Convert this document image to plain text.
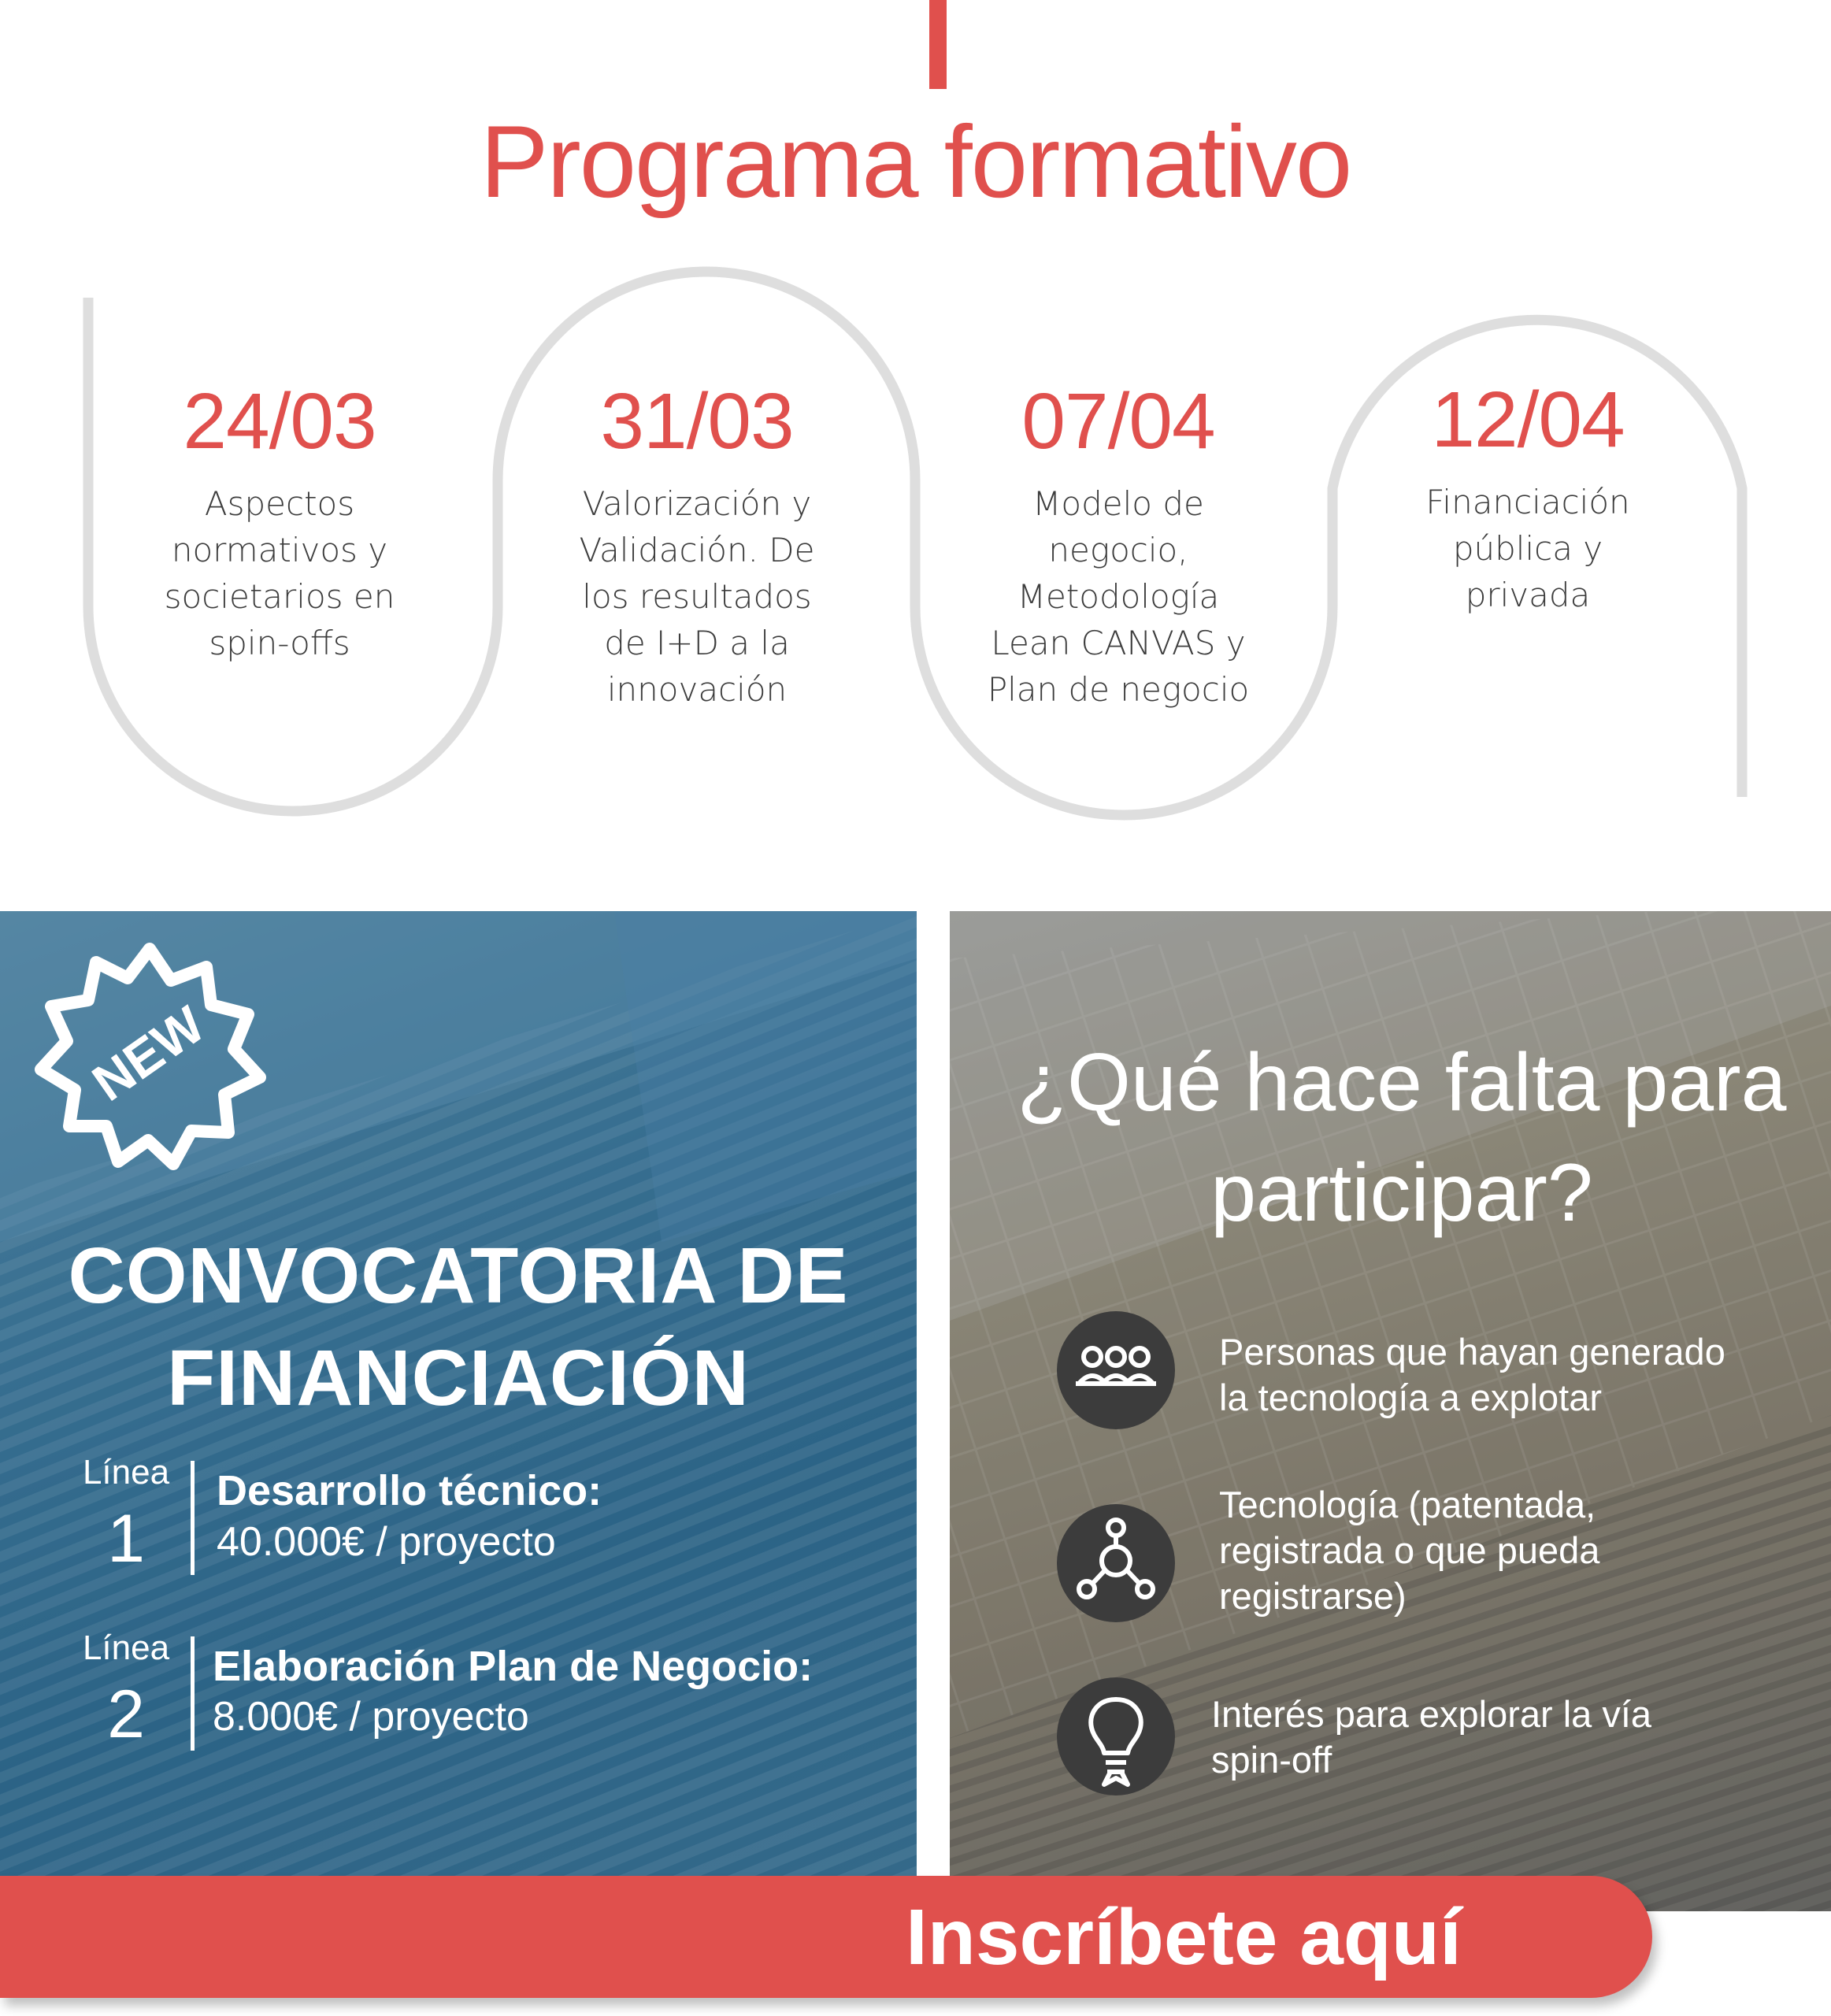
Programa formativo
24/03
Aspectos
normativos y
societarios en
spin-offs
31/03
Valorización y
Validación. De
los resultados
de I+D a la
innovación
07/04
Modelo de
negocio,
Metodología
Lean CANVAS y
Plan de negocio
12/04
Financiación
pública y
privada
NEW
CONVOCATORIA DE
FINANCIACIÓN
Línea
1
Desarrollo técnico:
40.000€ / proyecto
Línea
2
Elaboración Plan de Negocio:
8.000€ / proyecto
¿Qué hace falta para
participar?
Personas que hayan generado
la tecnología a explotar
Tecnología (patentada,
registrada o que pueda
registrarse)
Interés para explorar la vía
spin-off
Inscríbete aquí
